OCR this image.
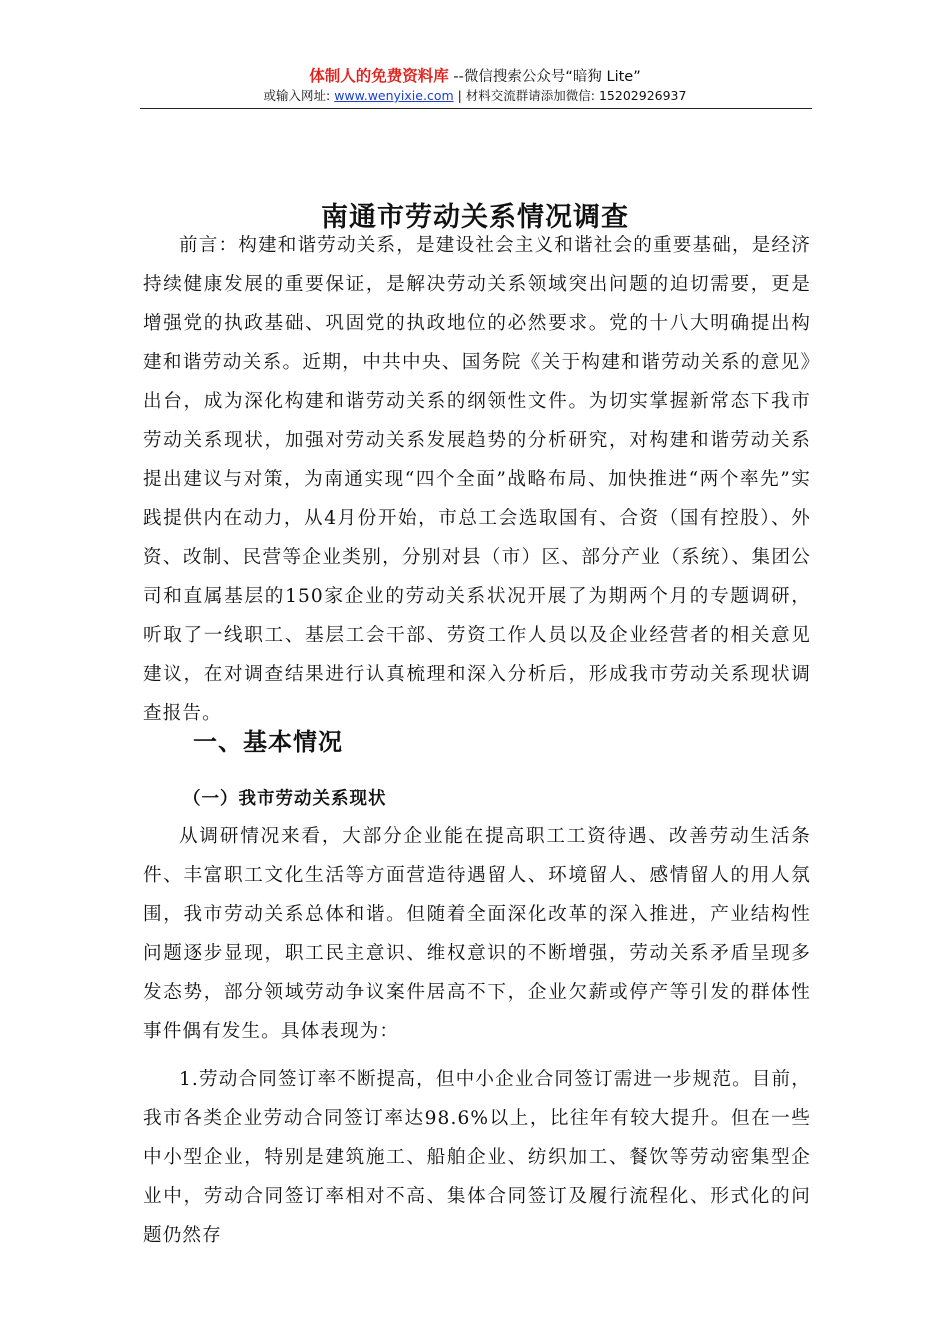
体制人的免费资料库 --微信搜索公众号“暗狗 Lite”
或输入网址: www.wenyixie.com | 材料交流群请添加微信: 15202926937
南通市劳动关系情况调查

前言：构建和谐劳动关系，是建设社会主义和谐社会的重要基础，是经济持续健康发展的重要保证，是解决劳动关系领域突出问题的迫切需要，更是增强党的执政基础、巩固党的执政地位的必然要求。党的十八大明确提出构建和谐劳动关系。近期，中共中央、国务院《关于构建和谐劳动关系的意见》出台，成为深化构建和谐劳动关系的纲领性文件。为切实掌握新常态下我市劳动关系现状，加强对劳动关系发展趋势的分析研究，对构建和谐劳动关系提出建议与对策，为南通实现“四个全面”战略布局、加快推进“两个率先”实践提供内在动力，从4月份开始，市总工会选取国有、合资（国有控股）、外资、改制、民营等企业类别，分别对县（市）区、部分产业（系统）、集团公司和直属基层的150家企业的劳动关系状况开展了为期两个月的专题调研，听取了一线职工、基层工会干部、劳资工作人员以及企业经营者的相关意见建议，在对调查结果进行认真梳理和深入分析后，形成我市劳动关系现状调查报告。

一、基本情况
（一）我市劳动关系现状

从调研情况来看，大部分企业能在提高职工工资待遇、改善劳动生活条件、丰富职工文化生活等方面营造待遇留人、环境留人、感情留人的用人氛围，我市劳动关系总体和谐。但随着全面深化改革的深入推进，产业结构性问题逐步显现，职工民主意识、维权意识的不断增强，劳动关系矛盾呈现多发态势，部分领域劳动争议案件居高不下，企业欠薪或停产等引发的群体性事件偶有发生。具体表现为：

1.劳动合同签订率不断提高，但中小企业合同签订需进一步规范。目前，我市各类企业劳动合同签订率达98.6%以上，比往年有较大提升。但在一些中小型企业，特别是建筑施工、船舶企业、纺织加工、餐饮等劳动密集型企业中，劳动合同签订率相对不高、集体合同签订及履行流程化、形式化的问题仍然存
